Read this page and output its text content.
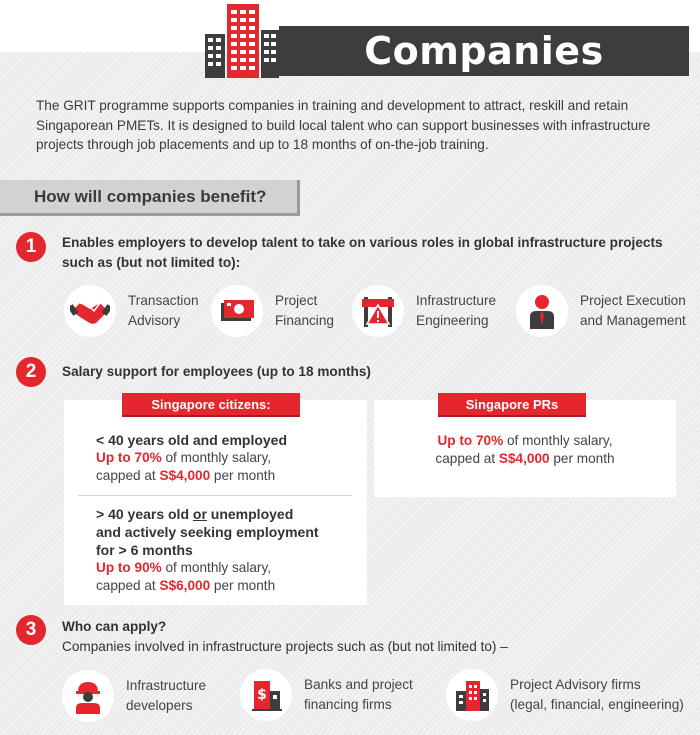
Companies
The GRIT programme supports companies in training and development to attract, reskill and retain Singaporean PMETs. It is designed to build local talent who can support businesses with infrastructure projects through job placements and up to 18 months of on-the-job training.
How will companies benefit?
1	Enables employers to develop talent to take on various roles in global infrastructure projects such as (but not limited to):
Transaction
Advisory
Project
Financing
Infrastructure
Engineering
Project Execution
and Management
2	Salary support for employees (up to 18 months)
Singapore citizens:
< 40 years old and employed
Up to 70% of monthly salary,
capped at S$4,000 per month
> 40 years old or unemployed
and actively seeking employment
for > 6 months
Up to 90% of monthly salary,
capped at S$6,000 per month
Singapore PRs
Up to 70% of monthly salary,
capped at S$4,000 per month
3	Who can apply?
Companies involved in infrastructure projects such as (but not limited to) –
Infrastructure
developers
$
Banks and project
financing firms
Project Advisory firms
(legal, financial, engineering)
